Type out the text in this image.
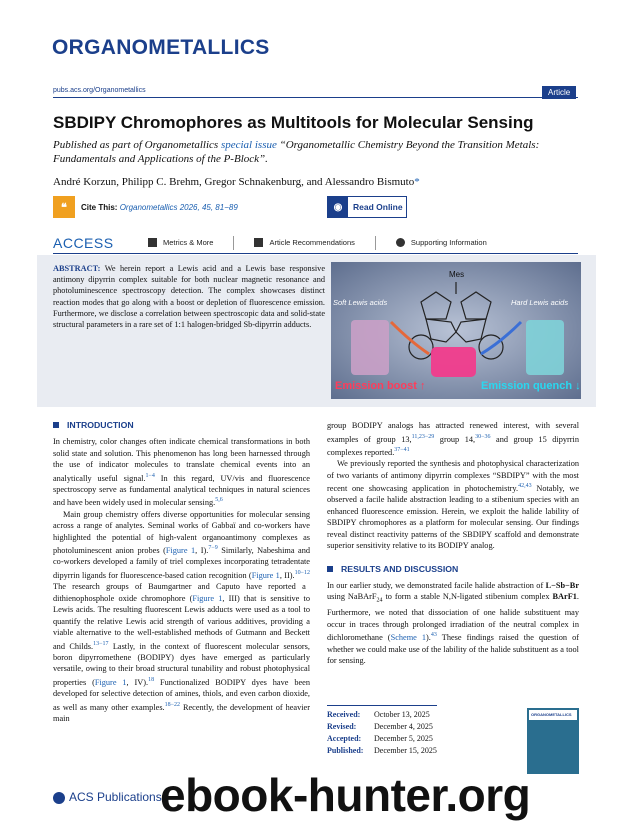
ORGANOMETALLICS
pubs.acs.org/Organometallics	Article
SBDIPY Chromophores as Multitools for Molecular Sensing
Published as part of Organometallics special issue “Organometallic Chemistry Beyond the Transition Metals: Fundamentals and Applications of the P-Block”.
André Korzun, Philipp C. Brehm, Gregor Schnakenburg, and Alessandro Bismuto*
❝	Cite This: Organometallics 2026, 45, 81−89	◉	Read Online
ACCESS	Metrics & More	Article Recommendations	Supporting Information
ABSTRACT: We herein report a Lewis acid and a Lewis base responsive antimony dipyrrin complex suitable for both nuclear magnetic resonance and photoluminescence spectroscopy detection. The complex showcases distinct reaction modes that go along with a boost or depletion of fluorescence emission. Furthermore, we disclose a correlation between spectroscopic data and solid-state structural parameters in a rare set of 1:1 halogen-bridged Sb-dipyrrin adducts.
Mes
Soft Lewis acids	Hard Lewis acids
Emission boost ↑	Emission quench ↓
INTRODUCTION

In chemistry, color changes often indicate chemical transformations in both solid state and solution. This phenomenon has long been harnessed through the use of indicator molecules to translate chemical events into an analytically useful signal.$^{1-4}$ In this regard, UV/vis and fluorescence spectroscopy serve as fundamental analytical techniques in natural sciences and have been widely used in molecular sensing.$^{5,6}$

Main group chemistry offers diverse opportunities for molecular sensing across a range of analytes. Seminal works of Gabbaï and co-workers have highlighted the potential of high-valent organoantimony complexes as photoluminescent anion probes (Figure 1, I).$^{7-9}$ Similarly, Nabeshima and co-workers developed a family of triel complexes incorporating tetradentate dipyrrin ligands for fluorescence-based cation recognition (Figure 1, II).$^{10-12}$ The research groups of Baumgartner and Caputo have reported a dithienophosphole oxide chromophore (Figure 1, III) that is sensitive to Lewis acids. The resulting fluorescent Lewis adducts were used as a tool to quantify the relative Lewis acid strength of various additives, providing a viable alternative to the well-established methods of Gutmann and Beckett and Childs.$^{13-17}$ Lastly, in the context of fluorescent molecular sensors, boron dipyrromethene (BODIPY) dyes have emerged as particularly versatile, owing to their broad structural tunability and robust photophysical properties (Figure 1, IV).$^{18}$ Functionalized BODIPY dyes have been developed for selective detection of amines, thiols, and even carbon dioxide, as well as many other examples.$^{18-22}$ Recently, the development of heavier main

group BODIPY analogs has attracted renewed interest, with several examples of group 13,$^{11,23-29}$ group 14,$^{30-36}$ and group 15 dipyrrin complexes reported.$^{37-41}$

We previously reported the synthesis and photophysical characterization of two variants of antimony dipyrrin complexes “SBDIPY” with the most recent one showcasing application in photochemistry.$^{42,43}$ Notably, we observed a facile halide abstraction leading to a stibenium species with an enhanced fluorescence emission. Herein, we exploit the halide lability of SBDIPY chromophores as a platform for molecular sensing. Our findings reveal distinct reactivity patterns of the SBDIPY scaffold and demonstrate superior sensitivity relative to its BODIPY analog.

RESULTS AND DISCUSSION

In our earlier study, we demonstrated facile halide abstraction of L−Sb−Br using NaBArF$_{24}$ to form a stable N,N-ligated stibenium complex BArF1. Furthermore, we noted that dissociation of one halide substituent may occur in traces through prolonged irradiation of the neutral complex in dichloromethane (Scheme 1).$^{43}$ These findings raised the question of whether we could make use of the lability of the halide substituent as a tool for sensing.

Received: October 13, 2025
Revised: December 4, 2025
Accepted: December 5, 2025
Published: December 15, 2025
ORGANOMETALLICS
ACS Publications
ebook-hunter.org
